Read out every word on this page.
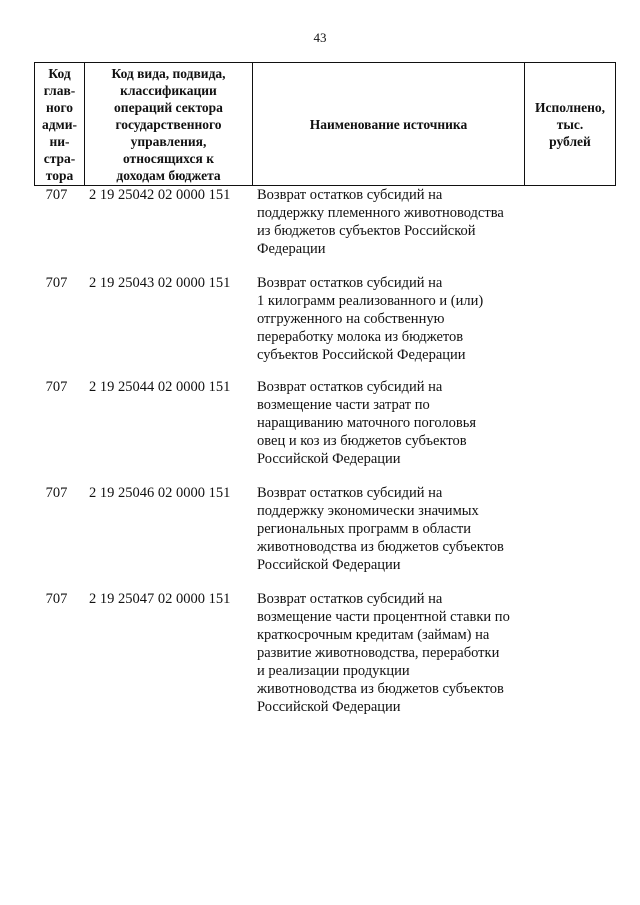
43
Код
глав-
ного
адми-
ни-
стра-
тора	Код вида, подвида,
классификации
операций сектора
государственного
управления,
относящихся к
доходам бюджета	Наименование источника	Исполнено,
тыс.
рублей
707	2 19 25042 02 0000 151	Возврат остатков субсидий на
поддержку племенного животноводства
из бюджетов субъектов Российской
Федерации
707	2 19 25043 02 0000 151	Возврат остатков субсидий на
1 килограмм реализованного и (или)
отгруженного на собственную
переработку молока из бюджетов
субъектов Российской Федерации
707	2 19 25044 02 0000 151	Возврат остатков субсидий на
возмещение части затрат по
наращиванию маточного поголовья
овец и коз из бюджетов субъектов
Российской Федерации
707	2 19 25046 02 0000 151	Возврат остатков субсидий на
поддержку экономически значимых
региональных программ в области
животноводства из бюджетов субъектов
Российской Федерации
707	2 19 25047 02 0000 151	Возврат остатков субсидий на
возмещение части процентной ставки по
краткосрочным кредитам (займам) на
развитие животноводства, переработки
и реализации продукции
животноводства из бюджетов субъектов
Российской Федерации
